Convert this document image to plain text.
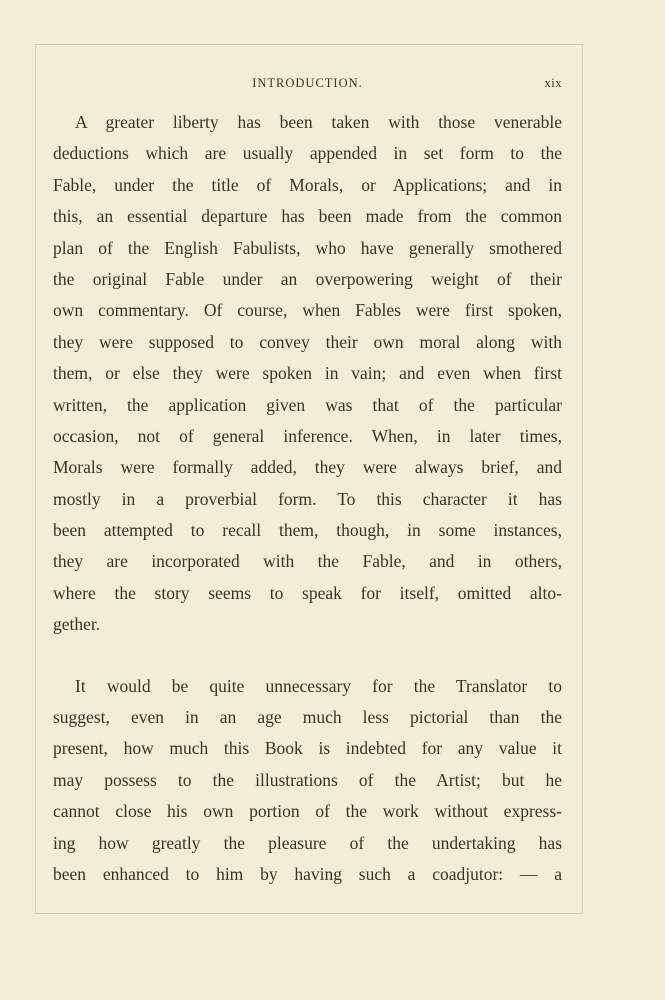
INTRODUCTION.	xix
A greater liberty has been taken with those venerable
deductions which are usually appended in set form to the
Fable, under the title of Morals, or Applications; and in
this, an essential departure has been made from the common
plan of the English Fabulists, who have generally smothered
the original Fable under an overpowering weight of their
own commentary. Of course, when Fables were first spoken,
they were supposed to convey their own moral along with
them, or else they were spoken in vain; and even when first
written, the application given was that of the particular
occasion, not of general inference. When, in later times,
Morals were formally added, they were always brief, and
mostly in a proverbial form. To this character it has
been attempted to recall them, though, in some instances,
they are incorporated with the Fable, and in others,
where the story seems to speak for itself, omitted alto-
gether.
It would be quite unnecessary for the Translator to
suggest, even in an age much less pictorial than the
present, how much this Book is indebted for any value it
may possess to the illustrations of the Artist; but he
cannot close his own portion of the work without express-
ing how greatly the pleasure of the undertaking has
been enhanced to him by having such a coadjutor: — a
